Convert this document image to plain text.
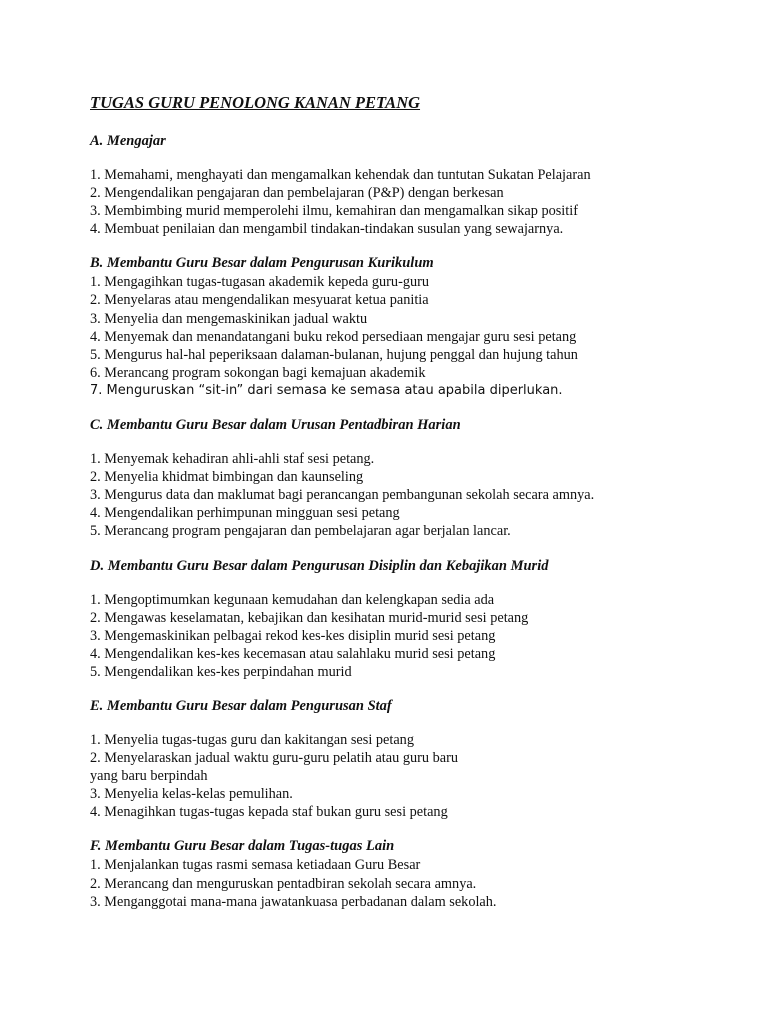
TUGAS GURU PENOLONG KANAN PETANG
A. Mengajar
1. Memahami, menghayati dan mengamalkan kehendak dan tuntutan Sukatan Pelajaran
2. Mengendalikan pengajaran dan pembelajaran (P&P) dengan berkesan
3. Membimbing murid memperolehi ilmu, kemahiran dan mengamalkan sikap positif
4. Membuat penilaian dan mengambil tindakan-tindakan susulan yang sewajarnya.
B. Membantu Guru Besar dalam Pengurusan Kurikulum
1. Mengagihkan tugas-tugasan akademik kepeda guru-guru
2. Menyelaras atau mengendalikan mesyuarat ketua panitia
3. Menyelia dan mengemaskinikan jadual waktu
4. Menyemak dan menandatangani buku rekod persediaan mengajar guru sesi petang
5. Mengurus hal-hal peperiksaan dalaman-bulanan, hujung penggal dan hujung tahun
6. Merancang program sokongan bagi kemajuan akademik
7. Menguruskan “sit-in” dari semasa ke semasa atau apabila diperlukan.
C. Membantu Guru Besar dalam Urusan Pentadbiran Harian
1. Menyemak kehadiran ahli-ahli staf sesi petang.
2. Menyelia khidmat bimbingan dan kaunseling
3. Mengurus data dan maklumat bagi perancangan pembangunan sekolah secara amnya.
4. Mengendalikan perhimpunan mingguan sesi petang
5. Merancang program pengajaran dan pembelajaran agar berjalan lancar.
D. Membantu Guru Besar dalam Pengurusan Disiplin dan Kebajikan Murid
1. Mengoptimumkan kegunaan kemudahan dan kelengkapan sedia ada
2. Mengawas keselamatan, kebajikan dan kesihatan murid-murid sesi petang
3. Mengemaskinikan pelbagai rekod kes-kes disiplin murid sesi petang
4. Mengendalikan kes-kes kecemasan atau salahlaku murid sesi petang
5. Mengendalikan kes-kes perpindahan murid
E. Membantu Guru Besar dalam Pengurusan Staf
1. Menyelia tugas-tugas guru dan kakitangan sesi petang
2. Menyelaraskan jadual waktu guru-guru pelatih atau guru baru
yang baru berpindah
3. Menyelia kelas-kelas pemulihan.
4. Menagihkan tugas-tugas kepada staf bukan guru sesi petang
F. Membantu Guru Besar dalam Tugas-tugas Lain
1. Menjalankan tugas rasmi semasa ketiadaan Guru Besar
2. Merancang dan menguruskan pentadbiran sekolah secara amnya.
3. Menganggotai mana-mana jawatankuasa perbadanan dalam sekolah.
